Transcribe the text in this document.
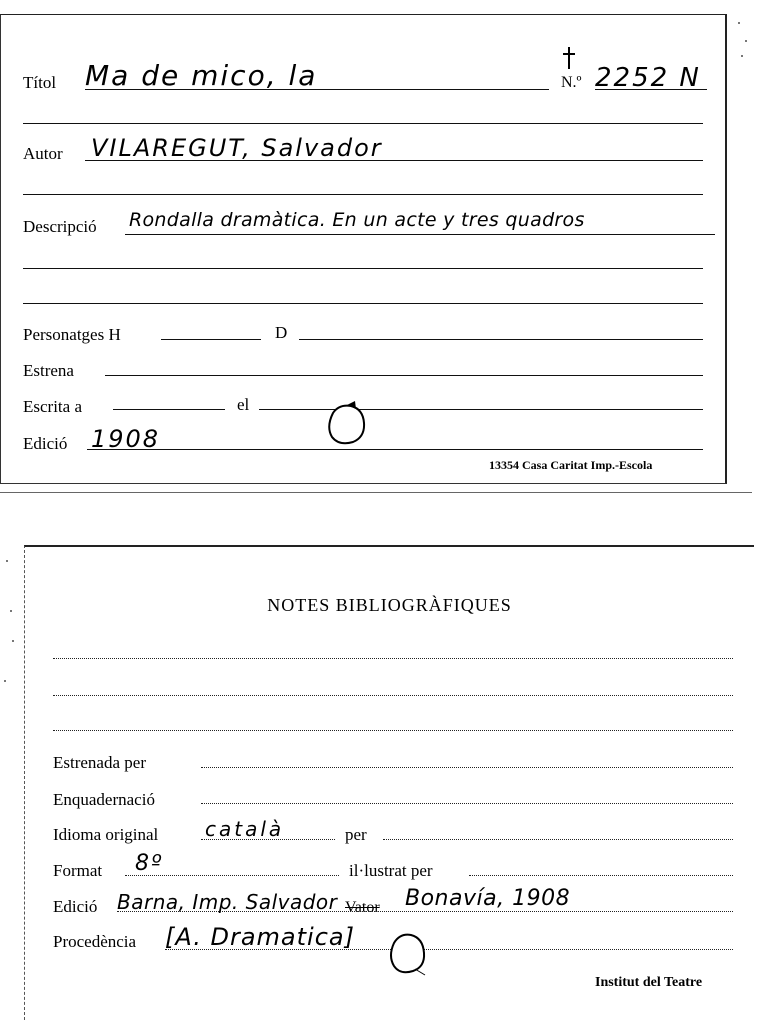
Títol Ma de mico, la	N.º 2252 N
Autor VILAREGUT, Salvador
Descripció Rondalla dramàtica. En un acte y tres quadros
Personatges H	D
Estrena
Escrita a	el
Edició 1908
13354 Casa Caritat Imp.-Escola
NOTES BIBLIOGRÀFIQUES
Estrenada per
Enquadernació
Idioma original català	per
Format 8º	il·lustrat per
Edició Barna, Imp. Salvador Vator Bonavía, 1908
Procedència [A. Dramatica]
Institut del Teatre
